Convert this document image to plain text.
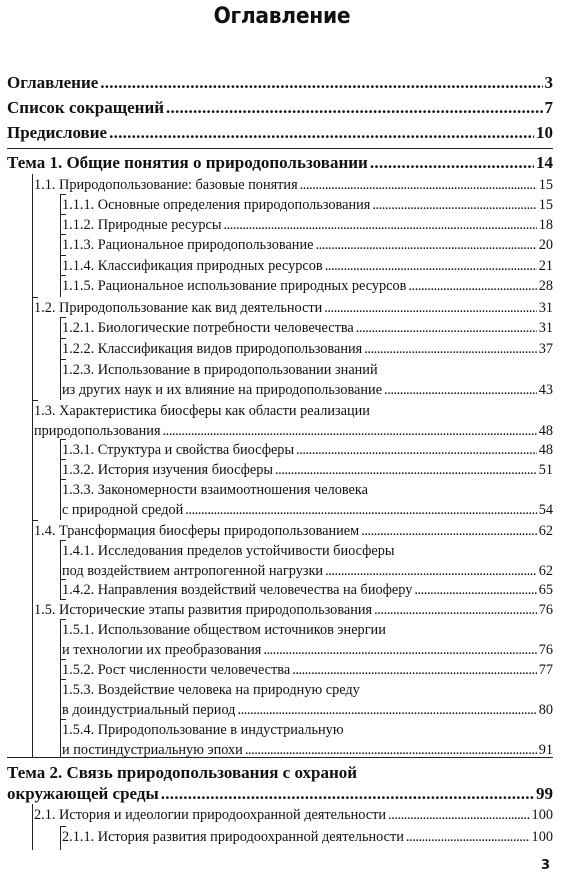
Оглавление
Оглавление . . .	3
Список сокращений . . .	7
Предисловие . . .	10
Тема 1. Общие понятия о природопользовании . . .	14
1.1. Природопользование: базовые понятия . . .	15
1.1.1. Основные определения природопользования . . .	15
1.1.2. Природные ресурсы . . .	18
1.1.3. Рациональное природопользование . . .	20
1.1.4. Классификация природных ресурсов . . .	21
1.1.5. Рациональное использование природных ресурсов . . .	28
1.2. Природопользование как вид деятельности . . .	31
1.2.1. Биологические потребности человечества . . .	31
1.2.2. Классификация видов природопользования . . .	37
1.2.3. Использование в природопользовании знаний
из других наук и их влияние на природопользование . . .	43
1.3. Характеристика биосферы как области реализации
природопользования . . .	48
1.3.1. Структура и свойства биосферы . . .	48
1.3.2. История изучения биосферы . . .	51
1.3.3. Закономерности взаимоотношения человека
с природной средой . . .	54
1.4. Трансформация биосферы природопользованием . . .	62
1.4.1. Исследования пределов устойчивости биосферы
под воздействием антропогенной нагрузки . . .	62
1.4.2. Направления воздействий человечества на биоферу . . .	65
1.5. Исторические этапы развития природопользования . . .	76
1.5.1. Использование обществом источников энергии
и технологии их преобразования . . .	76
1.5.2. Рост численности человечества . . .	77
1.5.3. Воздействие человека на природную среду
в доиндустриальный период . . .	80
1.5.4. Природопользование в индустриальную
и постиндустриальную эпохи . . .	91
Тема 2. Связь природопользования с охраной
окружающей среды . . .	99
2.1. История и идеологии природоохранной деятельности . . .	100
2.1.1. История развития природоохранной деятельности . . .	100
3
